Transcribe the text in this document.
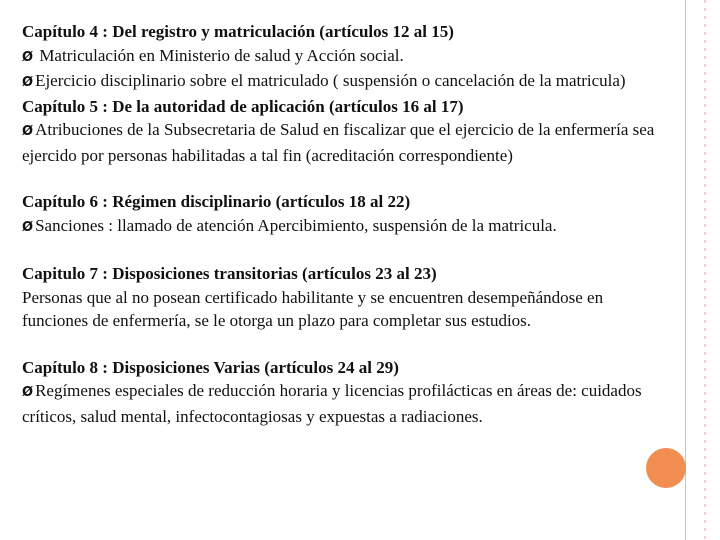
Capítulo 4 : Del registro y matriculación (artículos 12 al 15)

Ø Matriculación en Ministerio de salud y Acción social.

Ø Ejercicio disciplinario sobre el matriculado ( suspensión o cancelación de la matricula)

Capítulo 5 : De la autoridad de aplicación (artículos 16 al 17)

Ø Atribuciones de la Subsecretaria de Salud en fiscalizar que el ejercicio de la enfermería sea ejercido por personas habilitadas a tal fin (acreditación correspondiente)

Capítulo 6 : Régimen disciplinario (artículos 18 al 22)

Ø Sanciones : llamado de atención Apercibimiento, suspensión de la matricula.

Capitulo 7 : Disposiciones transitorias (artículos 23 al 23)

Personas que al no posean certificado habilitante y se encuentren desempeñándose en funciones de enfermería, se le otorga un plazo para completar sus estudios.

Capítulo 8 : Disposiciones Varias (artículos 24 al 29)

Ø Regímenes especiales de reducción horaria y licencias profilácticas en áreas de: cuidados críticos, salud mental, infectocontagiosas y expuestas a radiaciones.
